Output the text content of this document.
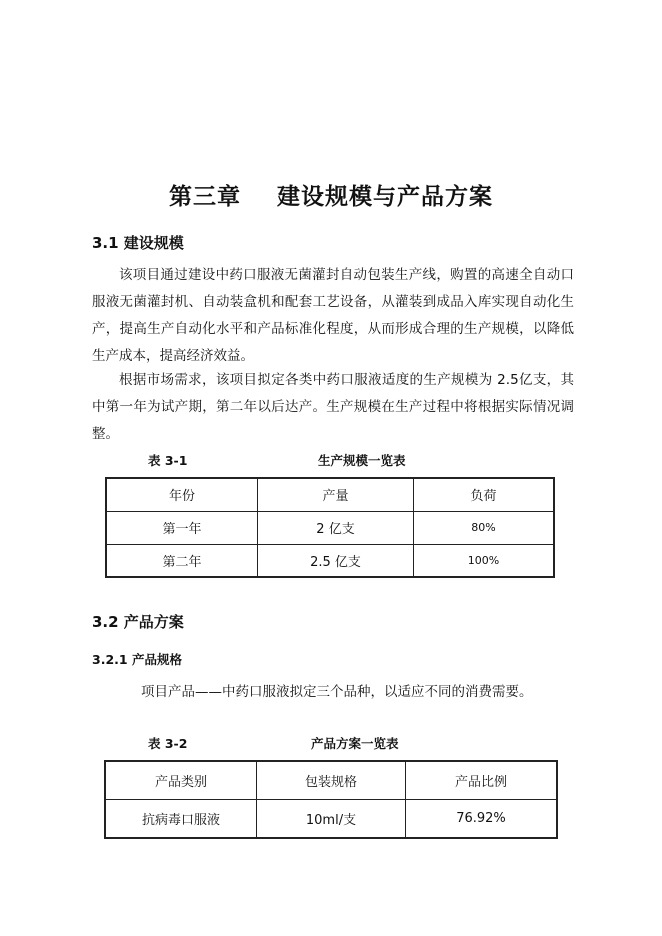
第三章    建设规模与产品方案
3.1 建设规模
该项目通过建设中药口服液无菌灌封自动包装生产线，购置的高速全自动口服液无菌灌封机、自动装盒机和配套工艺设备，从灌装到成品入库实现自动化生产，提高生产自动化水平和产品标准化程度，从而形成合理的生产规模，以降低生产成本，提高经济效益。
根据市场需求，该项目拟定各类中药口服液适度的生产规模为 2.5亿支，其中第一年为试产期，第二年以后达产。生产规模在生产过程中将根据实际情况调整。
表 3-1	生产规模一览表
年份	产量	负荷
第一年	2 亿支	80%
第二年	2.5 亿支	100%
3.2 产品方案
3.2.1 产品规格
项目产品——中药口服液拟定三个品种，以适应不同的消费需要。
表 3-2	产品方案一览表
产品类别	包装规格	产品比例
抗病毒口服液	10ml/支	76.92%
